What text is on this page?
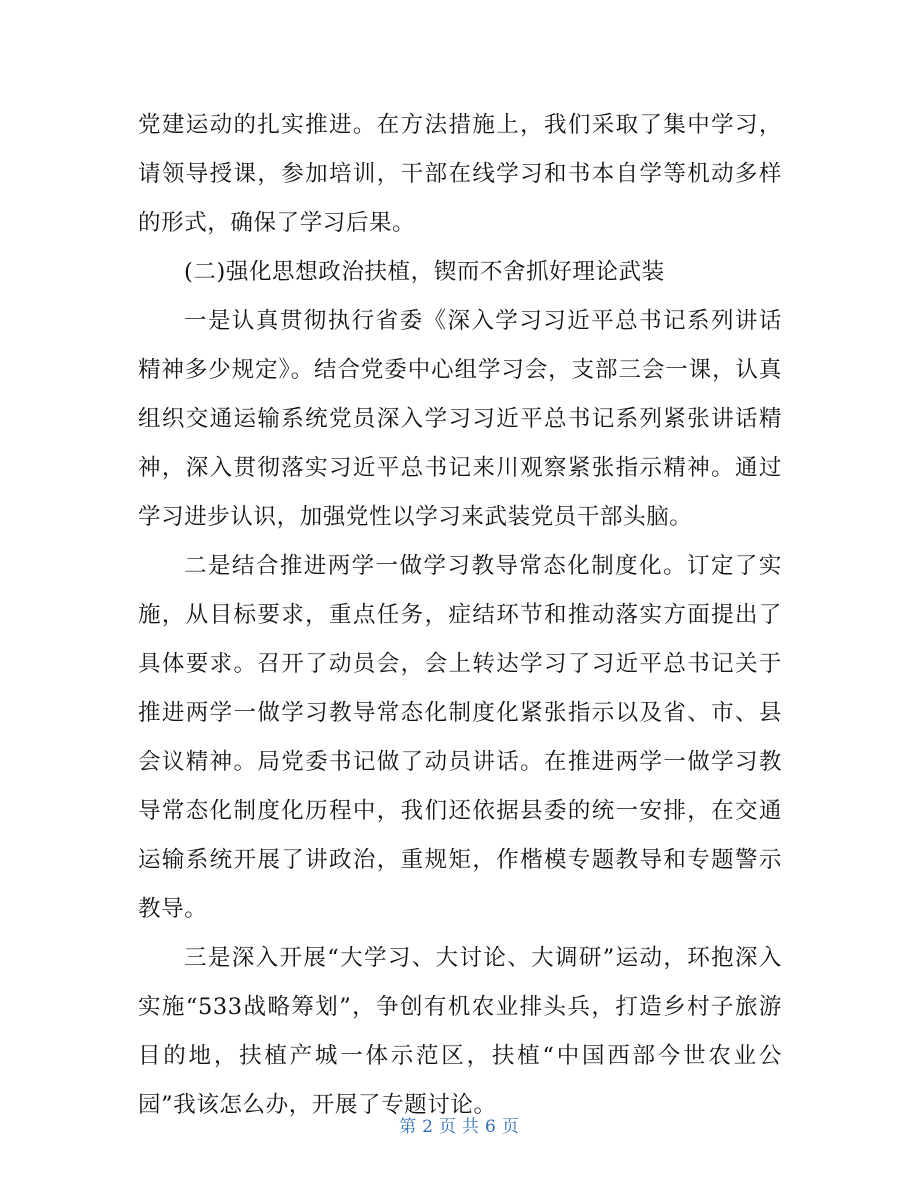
党建运动的扎实推进。在方法措施上，我们采取了集中学习，请领导授课，参加培训，干部在线学习和书本自学等机动多样的形式，确保了学习后果。

(二)强化思想政治扶植，锲而不舍抓好理论武装

一是认真贯彻执行省委《深入学习习近平总书记系列讲话精神多少规定》。结合党委中心组学习会，支部三会一课，认真组织交通运输系统党员深入学习习近平总书记系列紧张讲话精神，深入贯彻落实习近平总书记来川观察紧张指示精神。通过学习进步认识，加强党性以学习来武装党员干部头脑。

二是结合推进两学一做学习教导常态化制度化。订定了实施，从目标要求，重点任务，症结环节和推动落实方面提出了具体要求。召开了动员会，会上转达学习了习近平总书记关于推进两学一做学习教导常态化制度化紧张指示以及省、市、县会议精神。局党委书记做了动员讲话。在推进两学一做学习教导常态化制度化历程中，我们还依据县委的统一安排，在交通运输系统开展了讲政治，重规矩，作楷模专题教导和专题警示教导。

三是深入开展“大学习、大讨论、大调研”运动，环抱深入实施“533战略筹划”，争创有机农业排头兵，打造乡村子旅游目的地，扶植产城一体示范区，扶植“中国西部今世农业公园”我该怎么办，开展了专题讨论。

第 2 页 共 6 页
